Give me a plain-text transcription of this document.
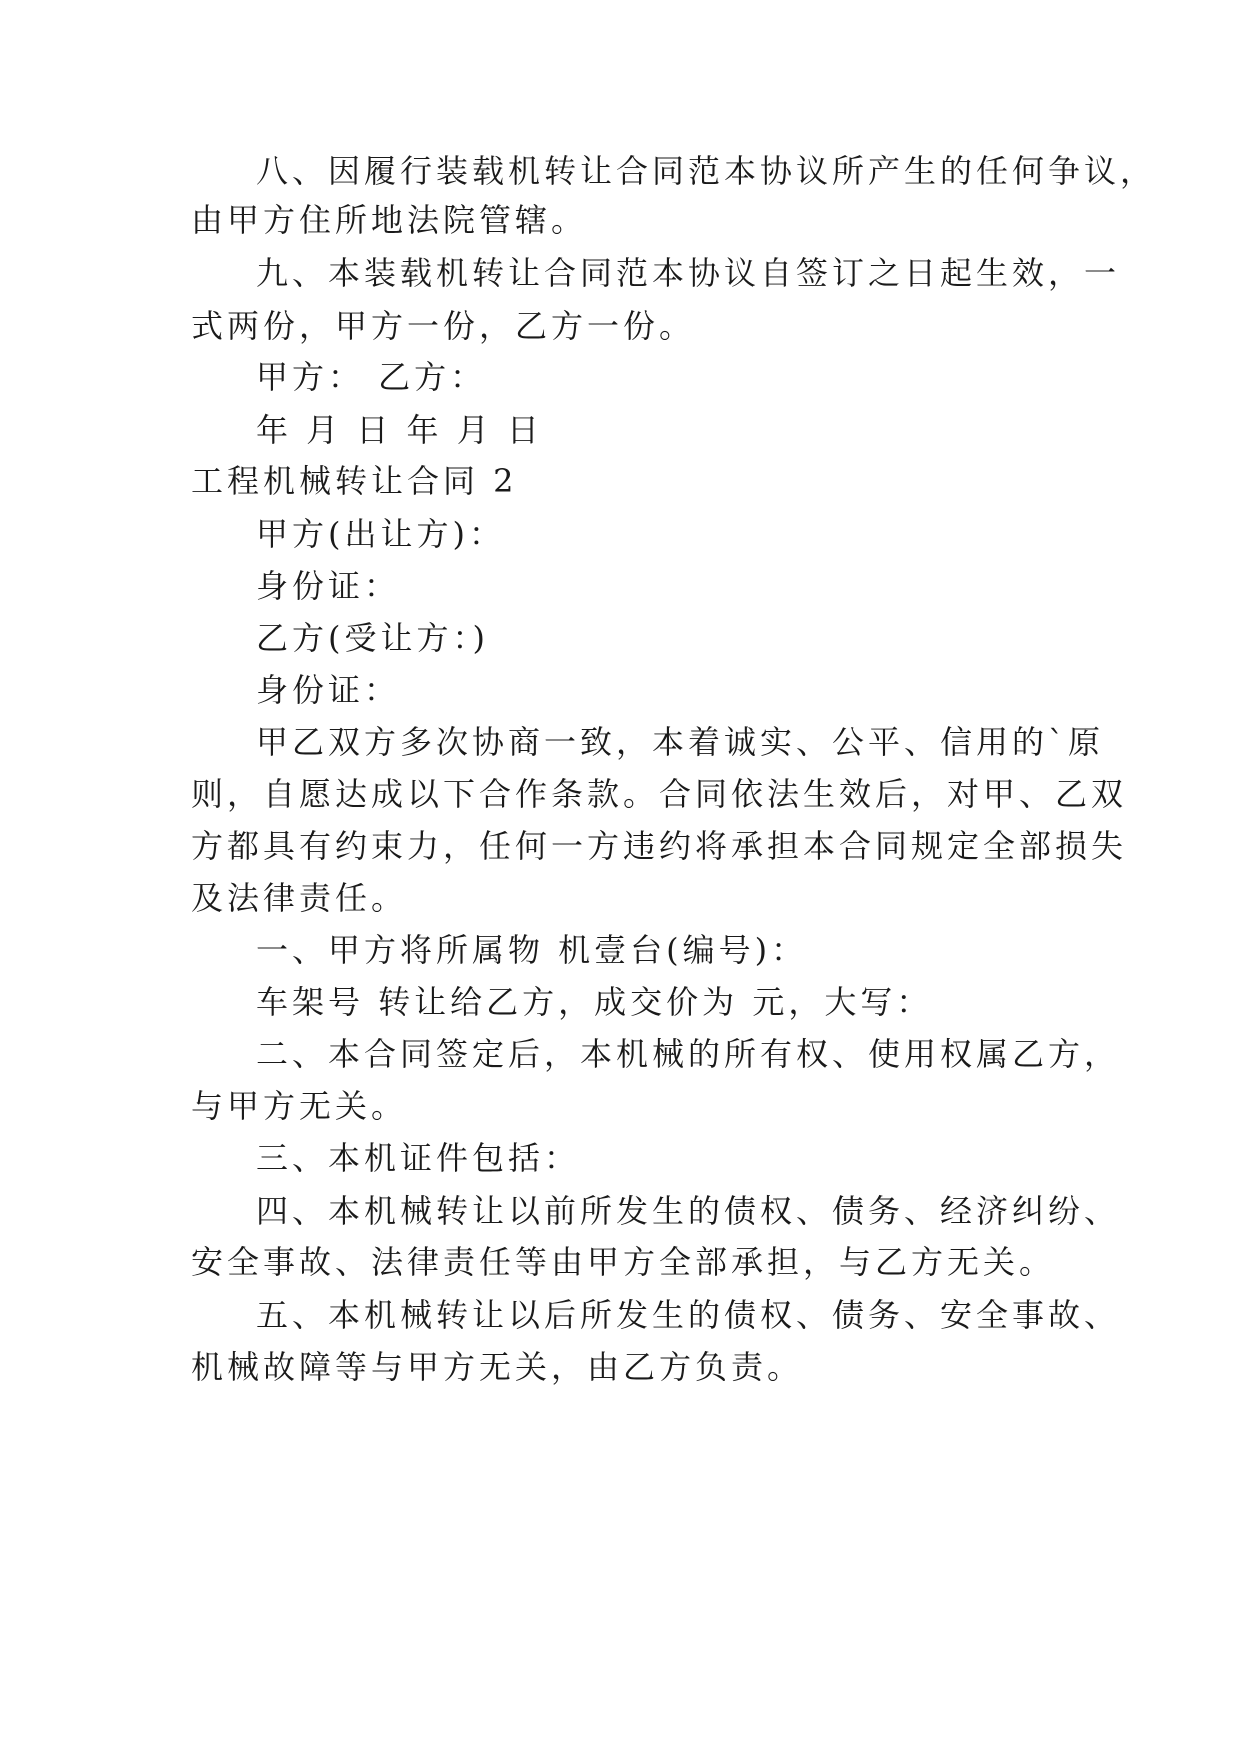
八、因履行装载机转让合同范本协议所产生的任何争议，
由甲方住所地法院管辖。
九、本装载机转让合同范本协议自签订之日起生效，一
式两份，甲方一份，乙方一份。
甲方： 乙方：
年 月 日 年 月 日
工程机械转让合同 2
甲方(出让方)：
身份证：
乙方(受让方：)
身份证：
甲乙双方多次协商一致，本着诚实、公平、信用的`原
则，自愿达成以下合作条款。合同依法生效后，对甲、乙双
方都具有约束力，任何一方违约将承担本合同规定全部损失
及法律责任。
一、甲方将所属物 机壹台(编号)：
车架号 转让给乙方，成交价为 元，大写：
二、本合同签定后，本机械的所有权、使用权属乙方，
与甲方无关。
三、本机证件包括：
四、本机械转让以前所发生的债权、债务、经济纠纷、
安全事故、法律责任等由甲方全部承担，与乙方无关。
五、本机械转让以后所发生的债权、债务、安全事故、
机械故障等与甲方无关，由乙方负责。
